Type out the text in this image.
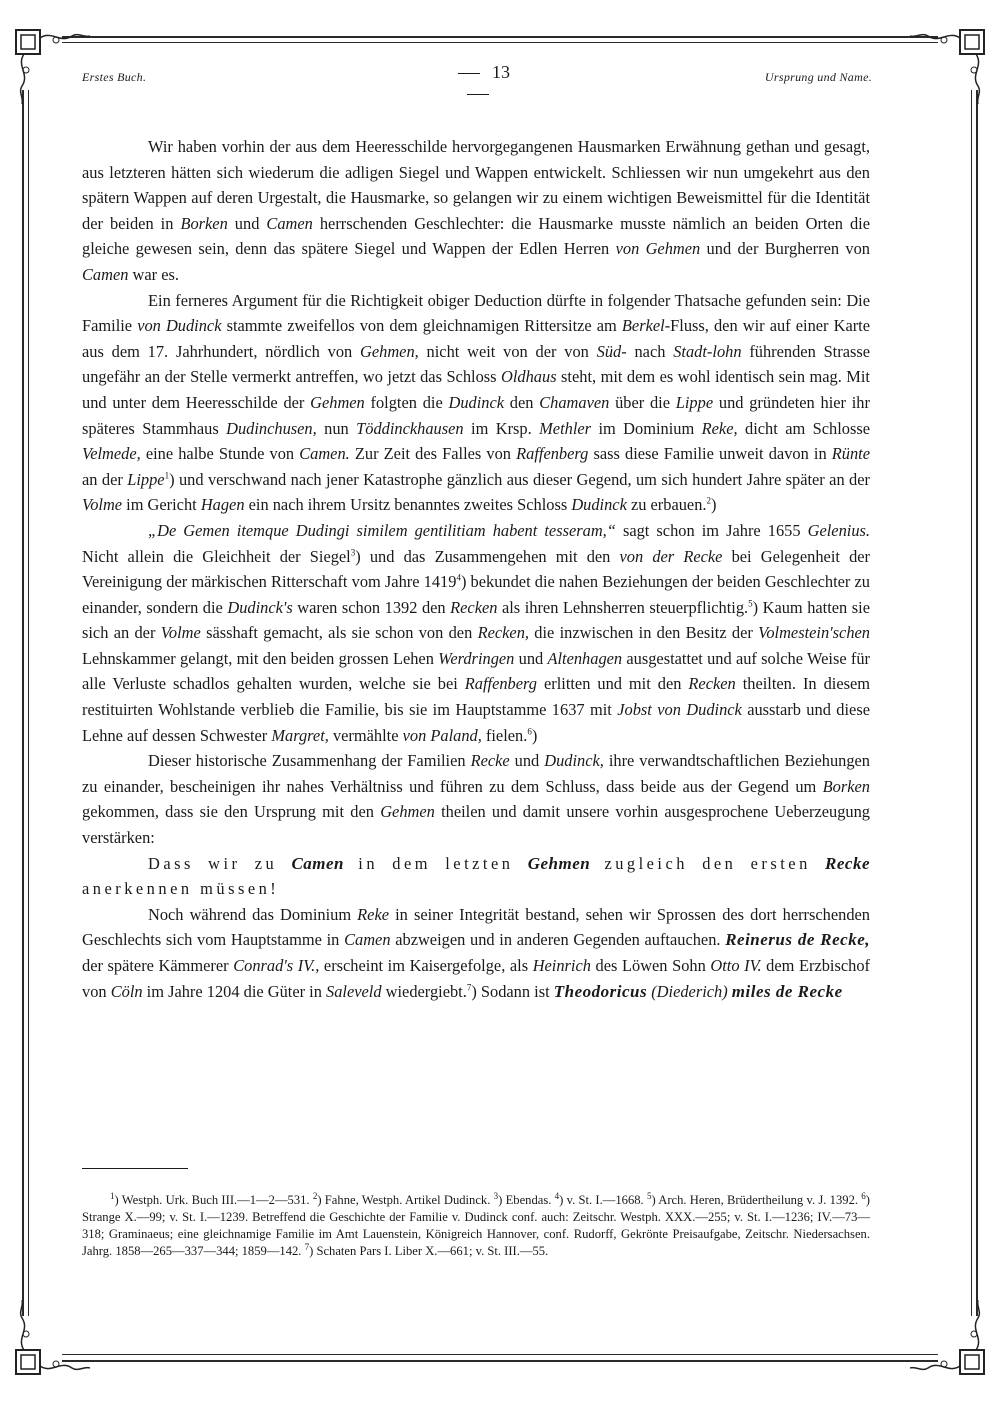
Erstes Buch.	13	Ursprung und Name.

Wir haben vorhin der aus dem Heeresschilde hervorgegangenen Hausmarken Erwähnung gethan und gesagt, aus letzteren hätten sich wiederum die adligen Siegel und Wappen entwickelt. Schliessen wir nun umgekehrt aus den spätern Wappen auf deren Urgestalt, die Hausmarke, so gelangen wir zu einem wichtigen Beweismittel für die Identität der beiden in Borken und Camen herrschenden Geschlechter: die Hausmarke musste nämlich an beiden Orten die gleiche gewesen sein, denn das spätere Siegel und Wappen der Edlen Herren von Gehmen und der Burgherren von Camen war es.

Ein ferneres Argument für die Richtigkeit obiger Deduction dürfte in folgender Thatsache gefunden sein: Die Familie von Dudinck stammte zweifellos von dem gleichnamigen Rittersitze am Berkel-Fluss, den wir auf einer Karte aus dem 17. Jahrhundert, nördlich von Gehmen, nicht weit von der von Süd- nach Stadt-lohn führenden Strasse ungefähr an der Stelle vermerkt antreffen, wo jetzt das Schloss Oldhaus steht, mit dem es wohl identisch sein mag. Mit und unter dem Heeresschilde der Gehmen folgten die Dudinck den Chamaven über die Lippe und gründeten hier ihr späteres Stammhaus Dudinchusen, nun Töddinckhausen im Krsp. Methler im Dominium Reke, dicht am Schlosse Velmede, eine halbe Stunde von Camen. Zur Zeit des Falles von Raffenberg sass diese Familie unweit davon in Rünte an der Lippe$^1$) und verschwand nach jener Katastrophe gänzlich aus dieser Gegend, um sich hundert Jahre später an der Volme im Gericht Hagen ein nach ihrem Ursitz benanntes zweites Schloss Dudinck zu erbauen.$^2$)

„De Gemen itemque Dudingi similem gentilitiam habent tesseram,“ sagt schon im Jahre 1655 Gelenius. Nicht allein die Gleichheit der Siegel$^3$) und das Zusammengehen mit den von der Recke bei Gelegenheit der Vereinigung der märkischen Ritterschaft vom Jahre 1419$^4$) bekundet die nahen Beziehungen der beiden Geschlechter zu einander, sondern die Dudinck's waren schon 1392 den Recken als ihren Lehnsherren steuerpflichtig.$^5$) Kaum hatten sie sich an der Volme sässhaft gemacht, als sie schon von den Recken, die inzwischen in den Besitz der Volmestein'schen Lehnskammer gelangt, mit den beiden grossen Lehen Werdringen und Altenhagen ausgestattet und auf solche Weise für alle Verluste schadlos gehalten wurden, welche sie bei Raffenberg erlitten und mit den Recken theilten. In diesem restituirten Wohlstande verblieb die Familie, bis sie im Hauptstamme 1637 mit Jobst von Dudinck ausstarb und diese Lehne auf dessen Schwester Margret, vermählte von Paland, fielen.$^6$)

Dieser historische Zusammenhang der Familien Recke und Dudinck, ihre verwandtschaftlichen Beziehungen zu einander, bescheinigen ihr nahes Verhältniss und führen zu dem Schluss, dass beide aus der Gegend um Borken gekommen, dass sie den Ursprung mit den Gehmen theilen und damit unsere vorhin ausgesprochene Ueberzeugung verstärken:

Dass wir zu Camen in dem letzten Gehmen zugleich den ersten Recke anerkennen müssen!

Noch während das Dominium Reke in seiner Integrität bestand, sehen wir Sprossen des dort herrschenden Geschlechts sich vom Hauptstamme in Camen abzweigen und in anderen Gegenden auftauchen. Reinerus de Recke, der spätere Kämmerer Conrad's IV., erscheint im Kaisergefolge, als Heinrich des Löwen Sohn Otto IV. dem Erzbischof von Cöln im Jahre 1204 die Güter in Saleveld wiedergiebt.$^7$) Sodann ist Theodoricus (Diederich) miles de Recke

$^1$) Westph. Urk. Buch III.—1—2—531. $^2$) Fahne, Westph. Artikel Dudinck. $^3$) Ebendas. $^4$) v. St. I.—1668. $^5$) Arch. Heren, Brüdertheilung v. J. 1392. $^6$) Strange X.—99; v. St. I.—1239. Betreffend die Geschichte der Familie v. Dudinck conf. auch: Zeitschr. Westph. XXX.—255; v. St. I.—1236; IV.—73—318; Graminaeus; eine gleichnamige Familie im Amt Lauenstein, Königreich Hannover, conf. Rudorff, Gekrönte Preisaufgabe, Zeitschr. Niedersachsen. Jahrg. 1858—265—337—344; 1859—142. $^7$) Schaten Pars I. Liber X.—661; v. St. III.—55.
